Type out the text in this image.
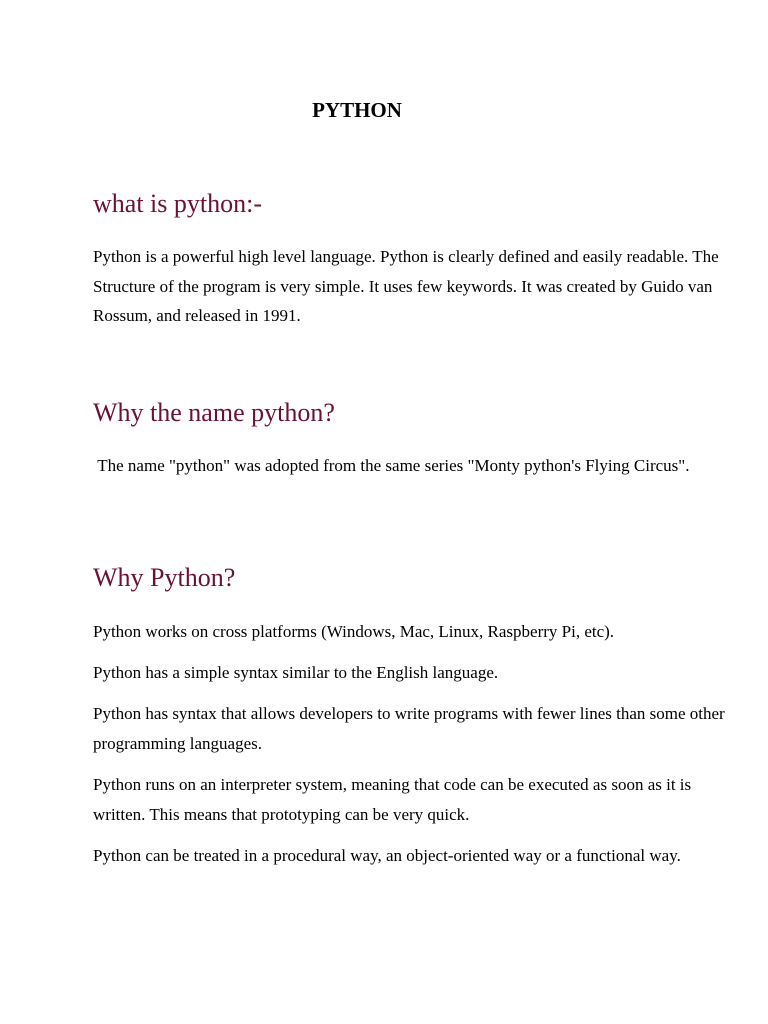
PYTHON
what is python:-

Python is a powerful high level language. Python is clearly defined and easily readable. The Structure of the program is very simple. It uses few keywords. It was created by Guido van Rossum, and released in 1991.

Why the name python?

The name "python" was adopted from the same series "Monty python's Flying Circus".

Why Python?

Python works on cross platforms (Windows, Mac, Linux, Raspberry Pi, etc).

Python has a simple syntax similar to the English language.

Python has syntax that allows developers to write programs with fewer lines than some other programming languages.

Python runs on an interpreter system, meaning that code can be executed as soon as it is written. This means that prototyping can be very quick.

Python can be treated in a procedural way, an object-oriented way or a functional way.
